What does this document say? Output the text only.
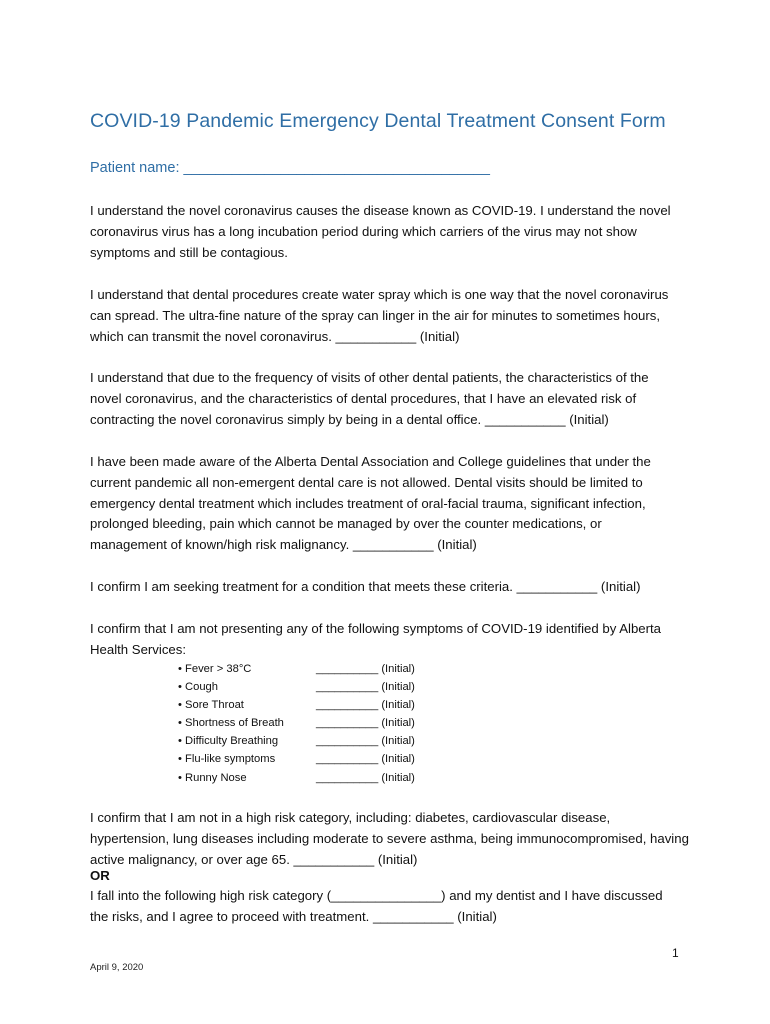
COVID-19 Pandemic Emergency Dental Treatment Consent Form
Patient name: ______________________________________

I understand the novel coronavirus causes the disease known as COVID-19. I understand the novel
coronavirus virus has a long incubation period during which carriers of the virus may not show
symptoms and still be contagious.

I understand that dental procedures create water spray which is one way that the novel coronavirus
can spread. The ultra-fine nature of the spray can linger in the air for minutes to sometimes hours,
which can transmit the novel coronavirus. ___________ (Initial)

I understand that due to the frequency of visits of other dental patients, the characteristics of the
novel coronavirus, and the characteristics of dental procedures, that I have an elevated risk of
contracting the novel coronavirus simply by being in a dental office. ___________ (Initial)

I have been made aware of the Alberta Dental Association and College guidelines that under the
current pandemic all non-emergent dental care is not allowed. Dental visits should be limited to
emergency dental treatment which includes treatment of oral-facial trauma, significant infection,
prolonged bleeding, pain which cannot be managed by over the counter medications, or
management of known/high risk malignancy. ___________ (Initial)

I confirm I am seeking treatment for a condition that meets these criteria. ___________ (Initial)

I confirm that I am not presenting any of the following symptoms of COVID-19 identified by Alberta
Health Services:

• Fever > 38°C	__________ (Initial)
• Cough	__________ (Initial)
• Sore Throat	__________ (Initial)
• Shortness of Breath	__________ (Initial)
• Difficulty Breathing	__________ (Initial)
• Flu-like symptoms	__________ (Initial)
• Runny Nose	__________ (Initial)

I confirm that I am not in a high risk category, including: diabetes, cardiovascular disease,
hypertension, lung diseases including moderate to severe asthma, being immunocompromised, having
active malignancy, or over age 65. ___________ (Initial)

OR

I fall into the following high risk category (_______________) and my dentist and I have discussed
the risks, and I agree to proceed with treatment. ___________ (Initial)

1
April 9, 2020
